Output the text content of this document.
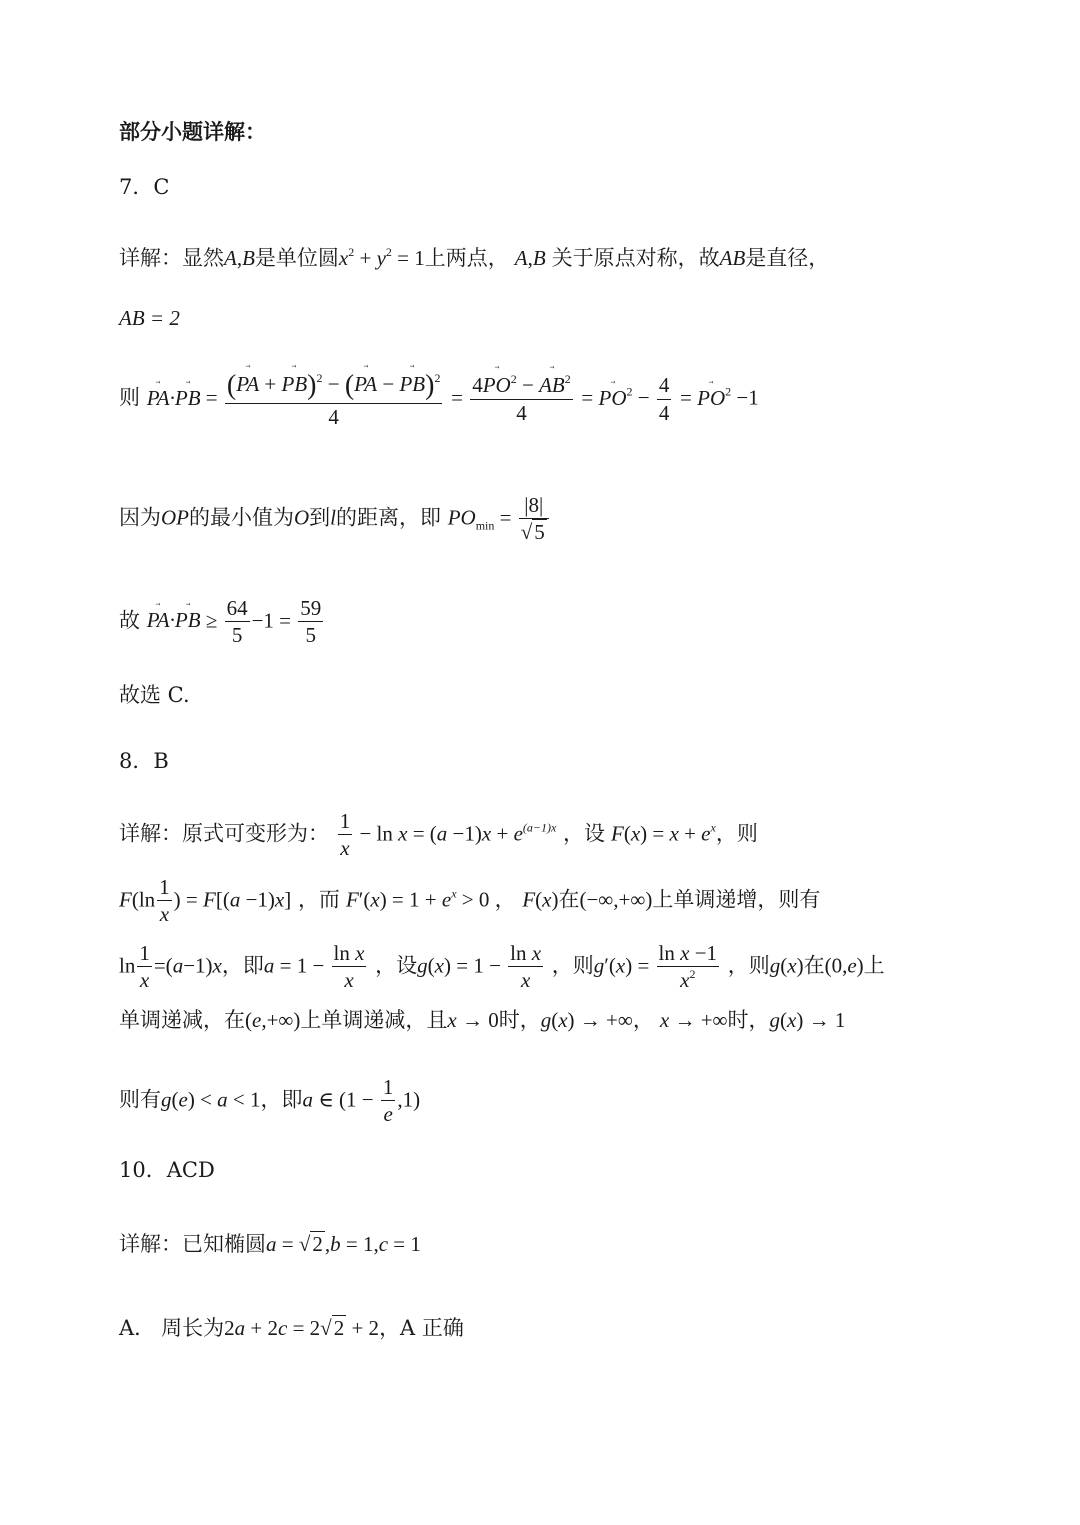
部分小题详解：
7．C
详解：显然A,B是单位圆$x^2 + y^2 = 1$上两点， A,B 关于原点对称，故AB是直径，
AB = 2
则 → PA·→ PB = $\frac{(\to PA + \to PB)^2 - (\to PA - \to PB)^2}{4} = \frac{4\to PO^2 - \to AB^2}{4}$ = → $PO^2 - \frac{4}{4}$ = → $PO^2 -1$
因为OP的最小值为O到l的距离，即 $PO_{min} = \frac{|8|}{√5}$
故 → PA·→ PB ≥ $\frac{64}{5} -1 = \frac{59}{5}$
故选 C.
8．B
详解：原式可变形为： $\frac{1}{x} - \ln x = (a -1)x + e^{(a-1)x}$ ，设 $F(x) = x + e^x$，则
$F(\ln \frac{1}{x}$ ) = F[(a −1)x] ，而 $F'(x) = 1 + e^x > 0$ ， F(x)在(−∞,+∞)上单调递增，则有
$\ln \frac{1}{x} =(a-1)x$，即$a = 1 - \frac{\text{ln x}}{x}$ ，设$g(x) = 1 - \frac{\text{ln x}}{x}$ ，则$g'(x) = \frac{\text{ln x −1}}{x^2}$ ，则g(x)在(0,e)上
单调递减，在(e,+∞)上单调递减，且x → 0时，g(x) → +∞， x → +∞时，g(x) → 1
则有g(e) < a < 1，即a ∈ $(1 - \frac{1}{e} ,1)$
10．ACD
详解：已知椭圆a = √2,b = 1,c = 1
A． 周长为2a + 2c = 2√2 + 2，A 正确
